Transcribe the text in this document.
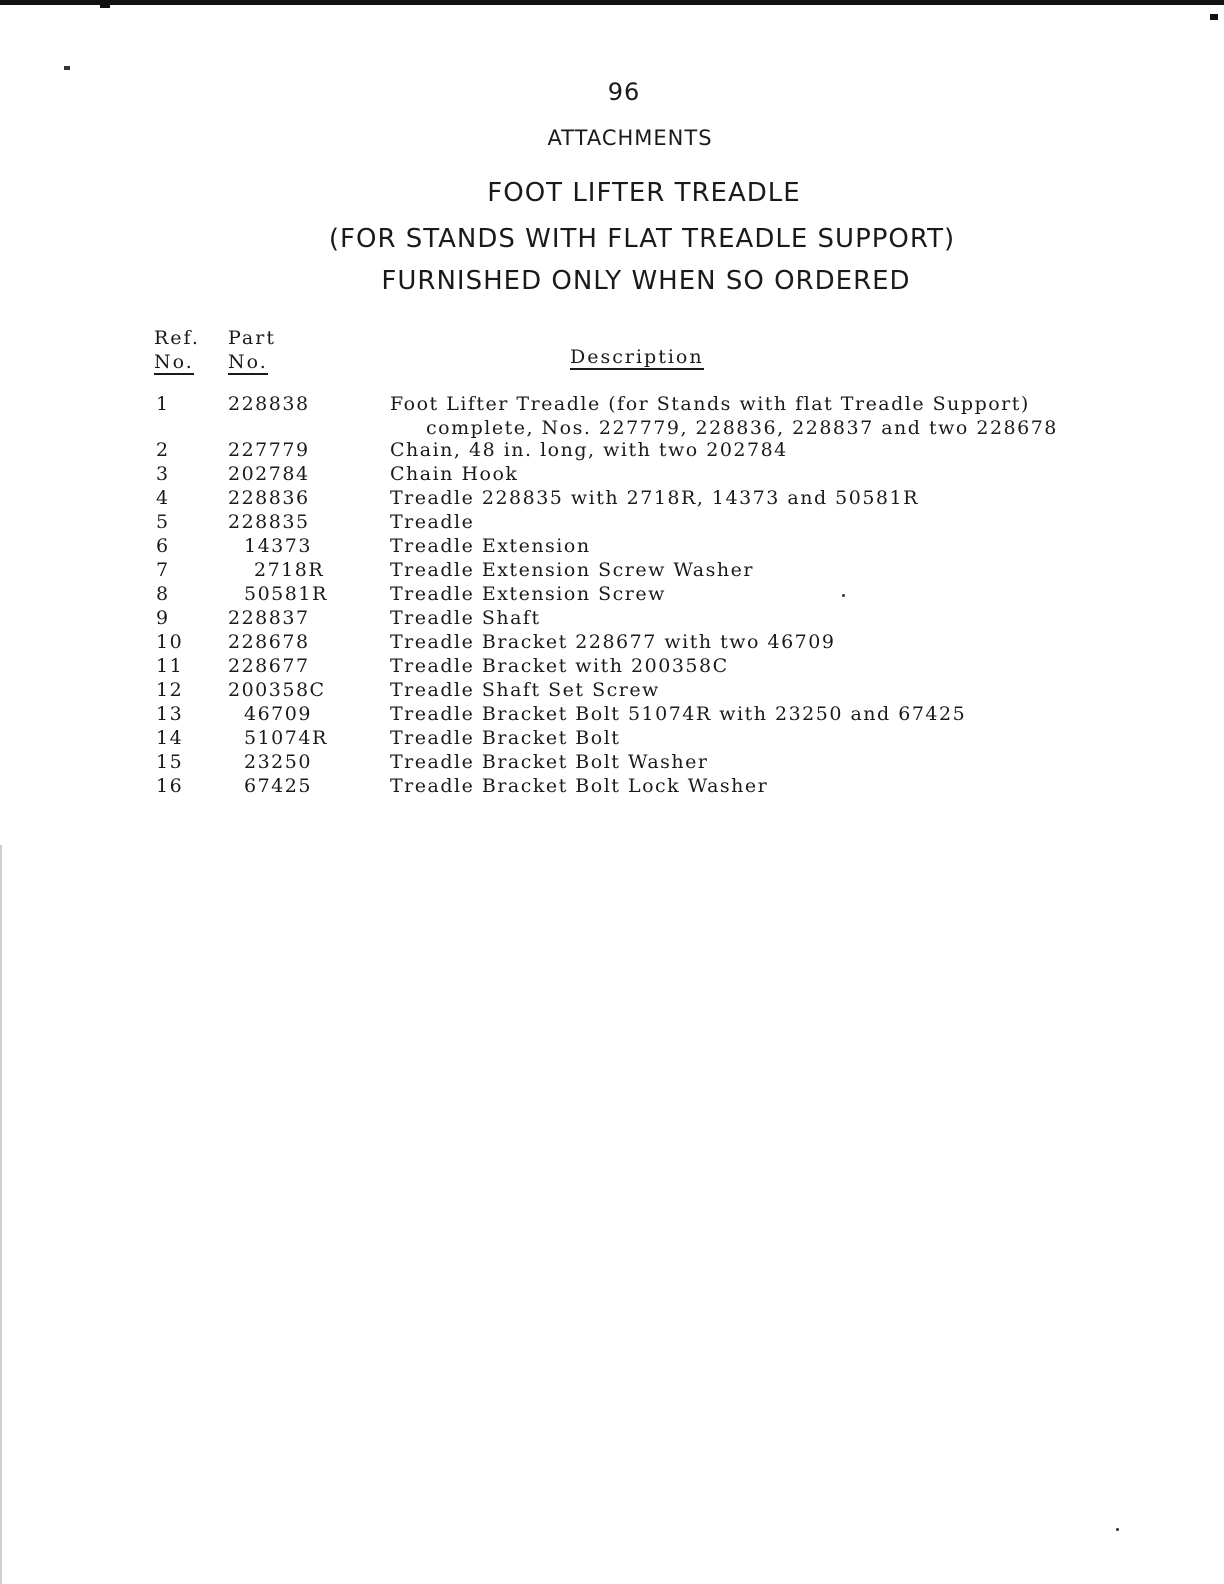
96
ATTACHMENTS
FOOT LIFTER TREADLE
(FOR STANDS WITH FLAT TREADLE SUPPORT)
FURNISHED ONLY WHEN SO ORDERED
Ref.
No.
Part
No.	Description
1	228838	Foot Lifter Treadle (for Stands with flat Treadle Support)
complete, Nos. 227779, 228836, 228837 and two 228678
2	227779	Chain, 48 in. long, with two 202784
3	202784	Chain Hook
4	228836	Treadle 228835 with 2718R, 14373 and 50581R
5	228835	Treadle
6	14373	Treadle Extension
7	2718R	Treadle Extension Screw Washer
8	50581R	Treadle Extension Screw
9	228837	Treadle Shaft
10 228678	Treadle Bracket 228677 with two 46709
11 228677	Treadle Bracket with 200358C
12 200358C	Treadle Shaft Set Screw
13	46709	Treadle Bracket Bolt 51074R with 23250 and 67425
14	51074R	Treadle Bracket Bolt
15	23250	Treadle Bracket Bolt Washer
16	67425	Treadle Bracket Bolt Lock Washer
